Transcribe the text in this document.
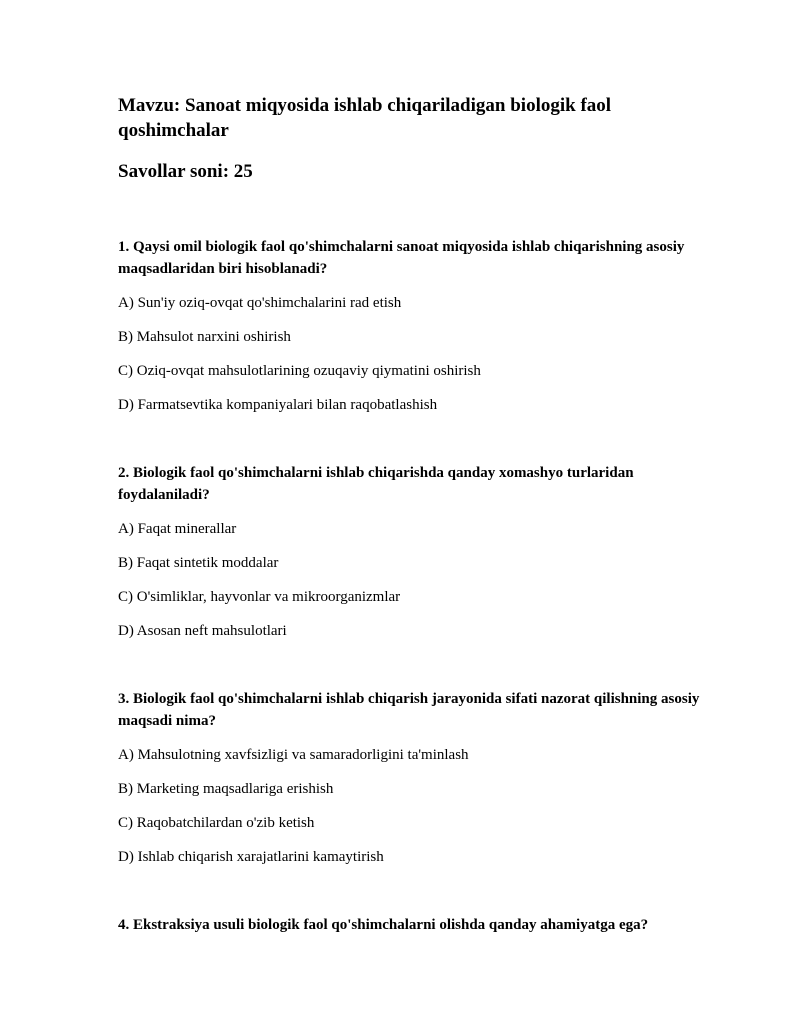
Mavzu: Sanoat miqyosida ishlab chiqariladigan biologik faol qoshimchalar

Savollar soni: 25

1. Qaysi omil biologik faol qo'shimchalarni sanoat miqyosida ishlab chiqarishning asosiy maqsadlaridan biri hisoblanadi?

A) Sun'iy oziq-ovqat qo'shimchalarini rad etish
B) Mahsulot narxini oshirish
C) Oziq-ovqat mahsulotlarining ozuqaviy qiymatini oshirish
D) Farmatsevtika kompaniyalari bilan raqobatlashish

2. Biologik faol qo'shimchalarni ishlab chiqarishda qanday xomashyo turlaridan foydalaniladi?

A) Faqat minerallar
B) Faqat sintetik moddalar
C) O'simliklar, hayvonlar va mikroorganizmlar
D) Asosan neft mahsulotlari

3. Biologik faol qo'shimchalarni ishlab chiqarish jarayonida sifati nazorat qilishning asosiy maqsadi nima?

A) Mahsulotning xavfsizligi va samaradorligini ta'minlash
B) Marketing maqsadlariga erishish
C) Raqobatchilardan o'zib ketish
D) Ishlab chiqarish xarajatlarini kamaytirish

4. Ekstraksiya usuli biologik faol qo'shimchalarni olishda qanday ahamiyatga ega?
